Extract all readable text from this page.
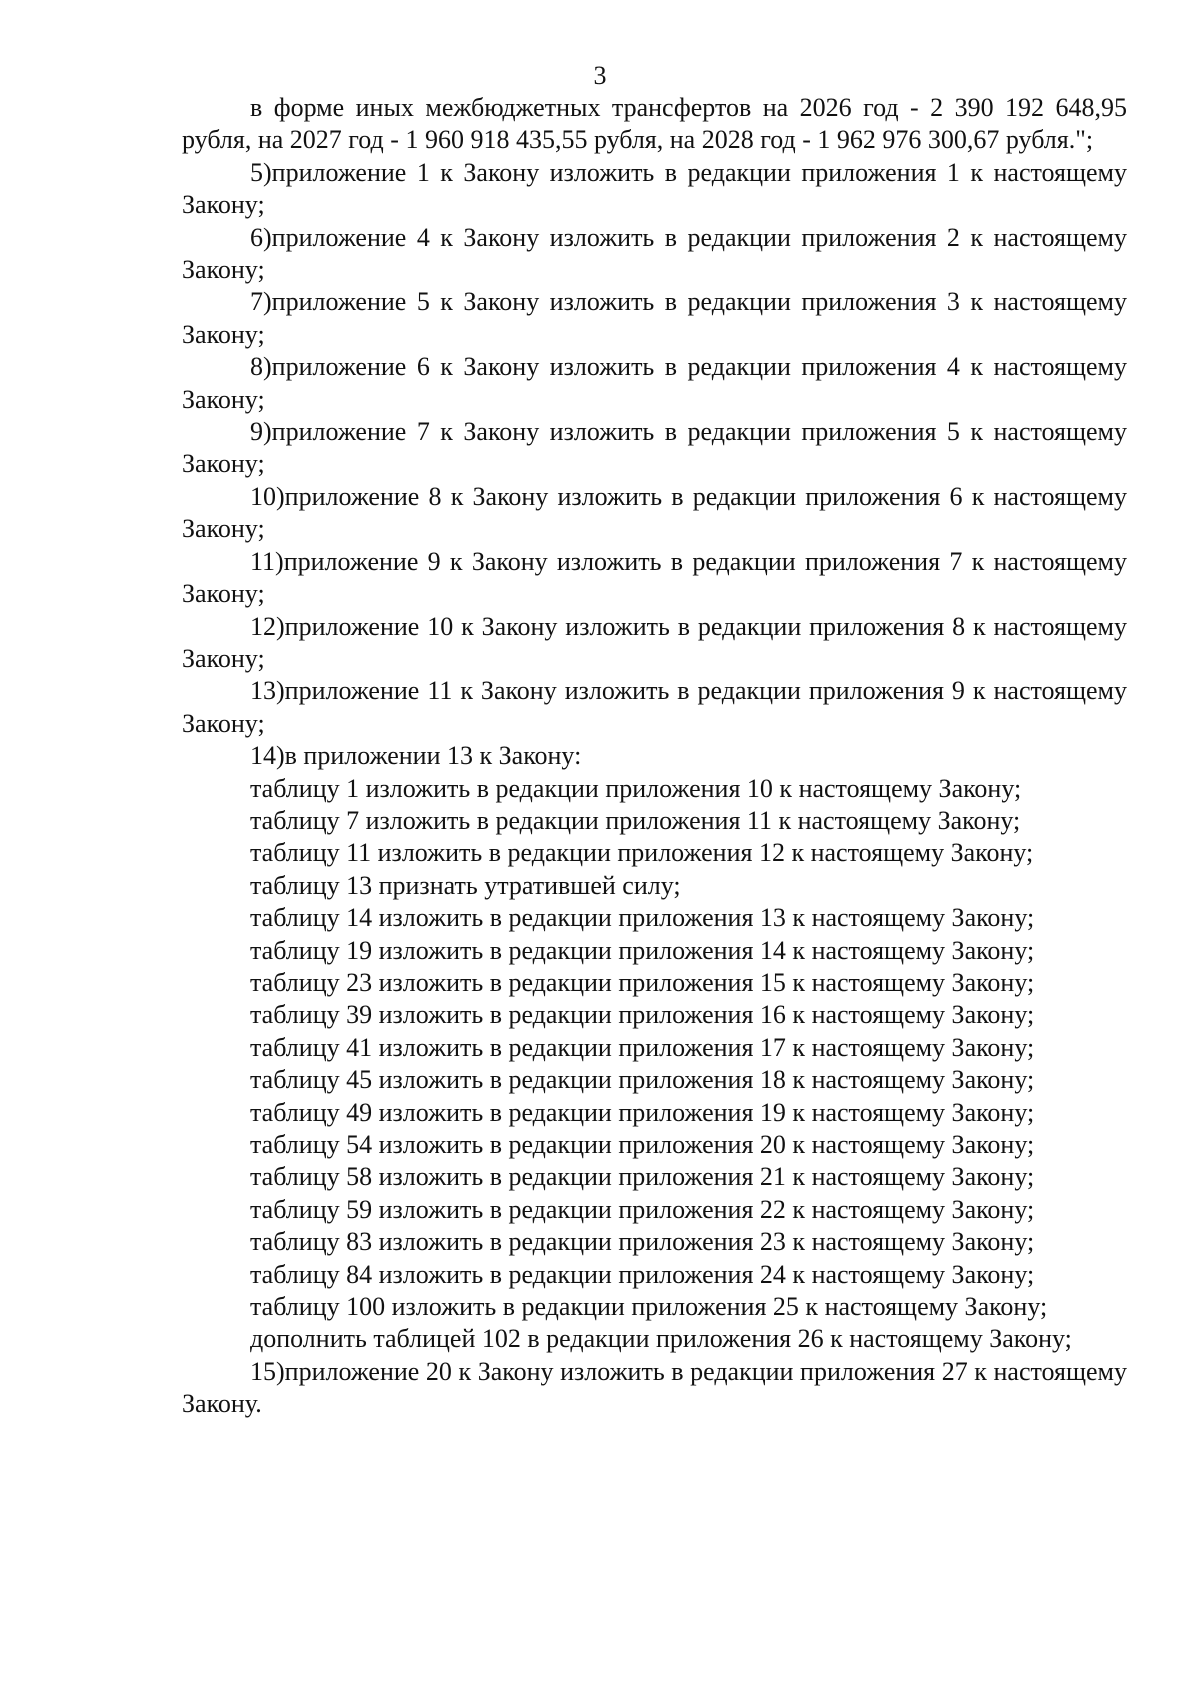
3

в форме иных межбюджетных трансфертов на 2026 год - 2 390 192 648,95 рубля, на 2027 год - 1 960 918 435,55 рубля, на 2028 год - 1 962 976 300,67 рубля.";

5)приложение 1 к Закону изложить в редакции приложения 1 к настоящему Закону;

6)приложение 4 к Закону изложить в редакции приложения 2 к настоящему Закону;

7)приложение 5 к Закону изложить в редакции приложения 3 к настоящему Закону;

8)приложение 6 к Закону изложить в редакции приложения 4 к настоящему Закону;

9)приложение 7 к Закону изложить в редакции приложения 5 к настоящему Закону;

10)приложение 8 к Закону изложить в редакции приложения 6 к настоящему Закону;

11)приложение 9 к Закону изложить в редакции приложения 7 к настоящему Закону;

12)приложение 10 к Закону изложить в редакции приложения 8 к настоящему Закону;

13)приложение 11 к Закону изложить в редакции приложения 9 к настоящему Закону;

14)в приложении 13 к Закону:

таблицу 1 изложить в редакции приложения 10 к настоящему Закону;

таблицу 7 изложить в редакции приложения 11 к настоящему Закону;

таблицу 11 изложить в редакции приложения 12 к настоящему Закону;

таблицу 13 признать утратившей силу;

таблицу 14 изложить в редакции приложения 13 к настоящему Закону;

таблицу 19 изложить в редакции приложения 14 к настоящему Закону;

таблицу 23 изложить в редакции приложения 15 к настоящему Закону;

таблицу 39 изложить в редакции приложения 16 к настоящему Закону;

таблицу 41 изложить в редакции приложения 17 к настоящему Закону;

таблицу 45 изложить в редакции приложения 18 к настоящему Закону;

таблицу 49 изложить в редакции приложения 19 к настоящему Закону;

таблицу 54 изложить в редакции приложения 20 к настоящему Закону;

таблицу 58 изложить в редакции приложения 21 к настоящему Закону;

таблицу 59 изложить в редакции приложения 22 к настоящему Закону;

таблицу 83 изложить в редакции приложения 23 к настоящему Закону;

таблицу 84 изложить в редакции приложения 24 к настоящему Закону;

таблицу 100 изложить в редакции приложения 25 к настоящему Закону;

дополнить таблицей 102 в редакции приложения 26 к настоящему Закону;

15)приложение 20 к Закону изложить в редакции приложения 27 к настоящему Закону.
